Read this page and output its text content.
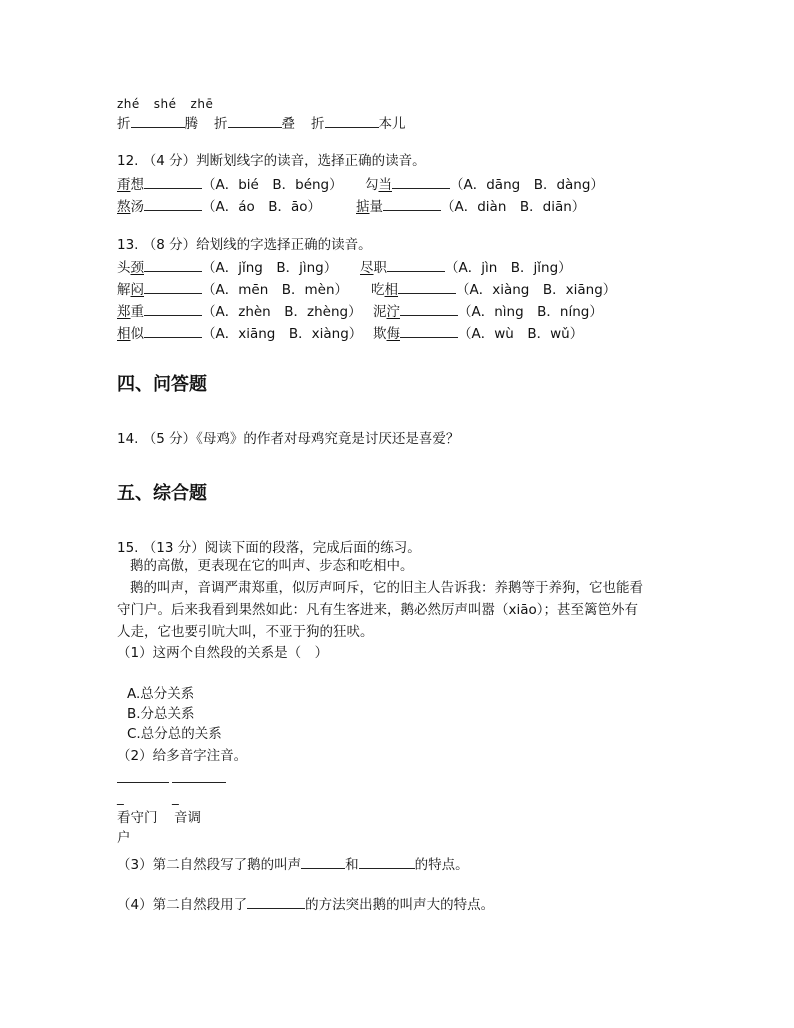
zhé shé zhē
折	腾 折	叠 折	本儿
12. （4 分）判断划线字的读音，选择正确的读音。
甭想	（A．bié　B．béng） 勾当	（A．dāng　B．dàng）
熬汤	（A．áo　B．āo）	掂量	（A．diàn　B．diān）
13. （8 分）给划线的字选择正确的读音。
头颈	（A．jǐng　B．jìng） 尽职	（A．jìn　B．jǐng）
解闷	（A．mēn　B．mèn） 吃相	（A．xiàng　B．xiāng）
郑重	（A．zhèn　B．zhèng） 泥泞	（A．nìng　B．níng）
相似	（A．xiāng　B．xiàng） 欺侮	（A．wù　B．wǔ）
四、问答题
14. （5 分）《母鸡》的作者对母鸡究竟是讨厌还是喜爱？
五、综合题
15. （13 分）阅读下面的段落，完成后面的练习。
鹅的高傲，更表现在它的叫声、步态和吃相中。
鹅的叫声，音调严肃郑重，似厉声呵斥，它的旧主人告诉我：养鹅等于养狗，它也能看
守门户。后来我看到果然如此：凡有生客进来，鹅必然厉声叫嚣（xiāo）；甚至篱笆外有
人走，它也要引吭大叫，不亚于狗的狂吠。
（1）这两个自然段的关系是（　）
A.总分关系
B.分总关系
C.总分总的关系
（2）给多音字注音。
_	_
看守门 音调
户
（3）第二自然段写了鹅的叫声	和	的特点。
（4）第二自然段用了	的方法突出鹅的叫声大的特点。
